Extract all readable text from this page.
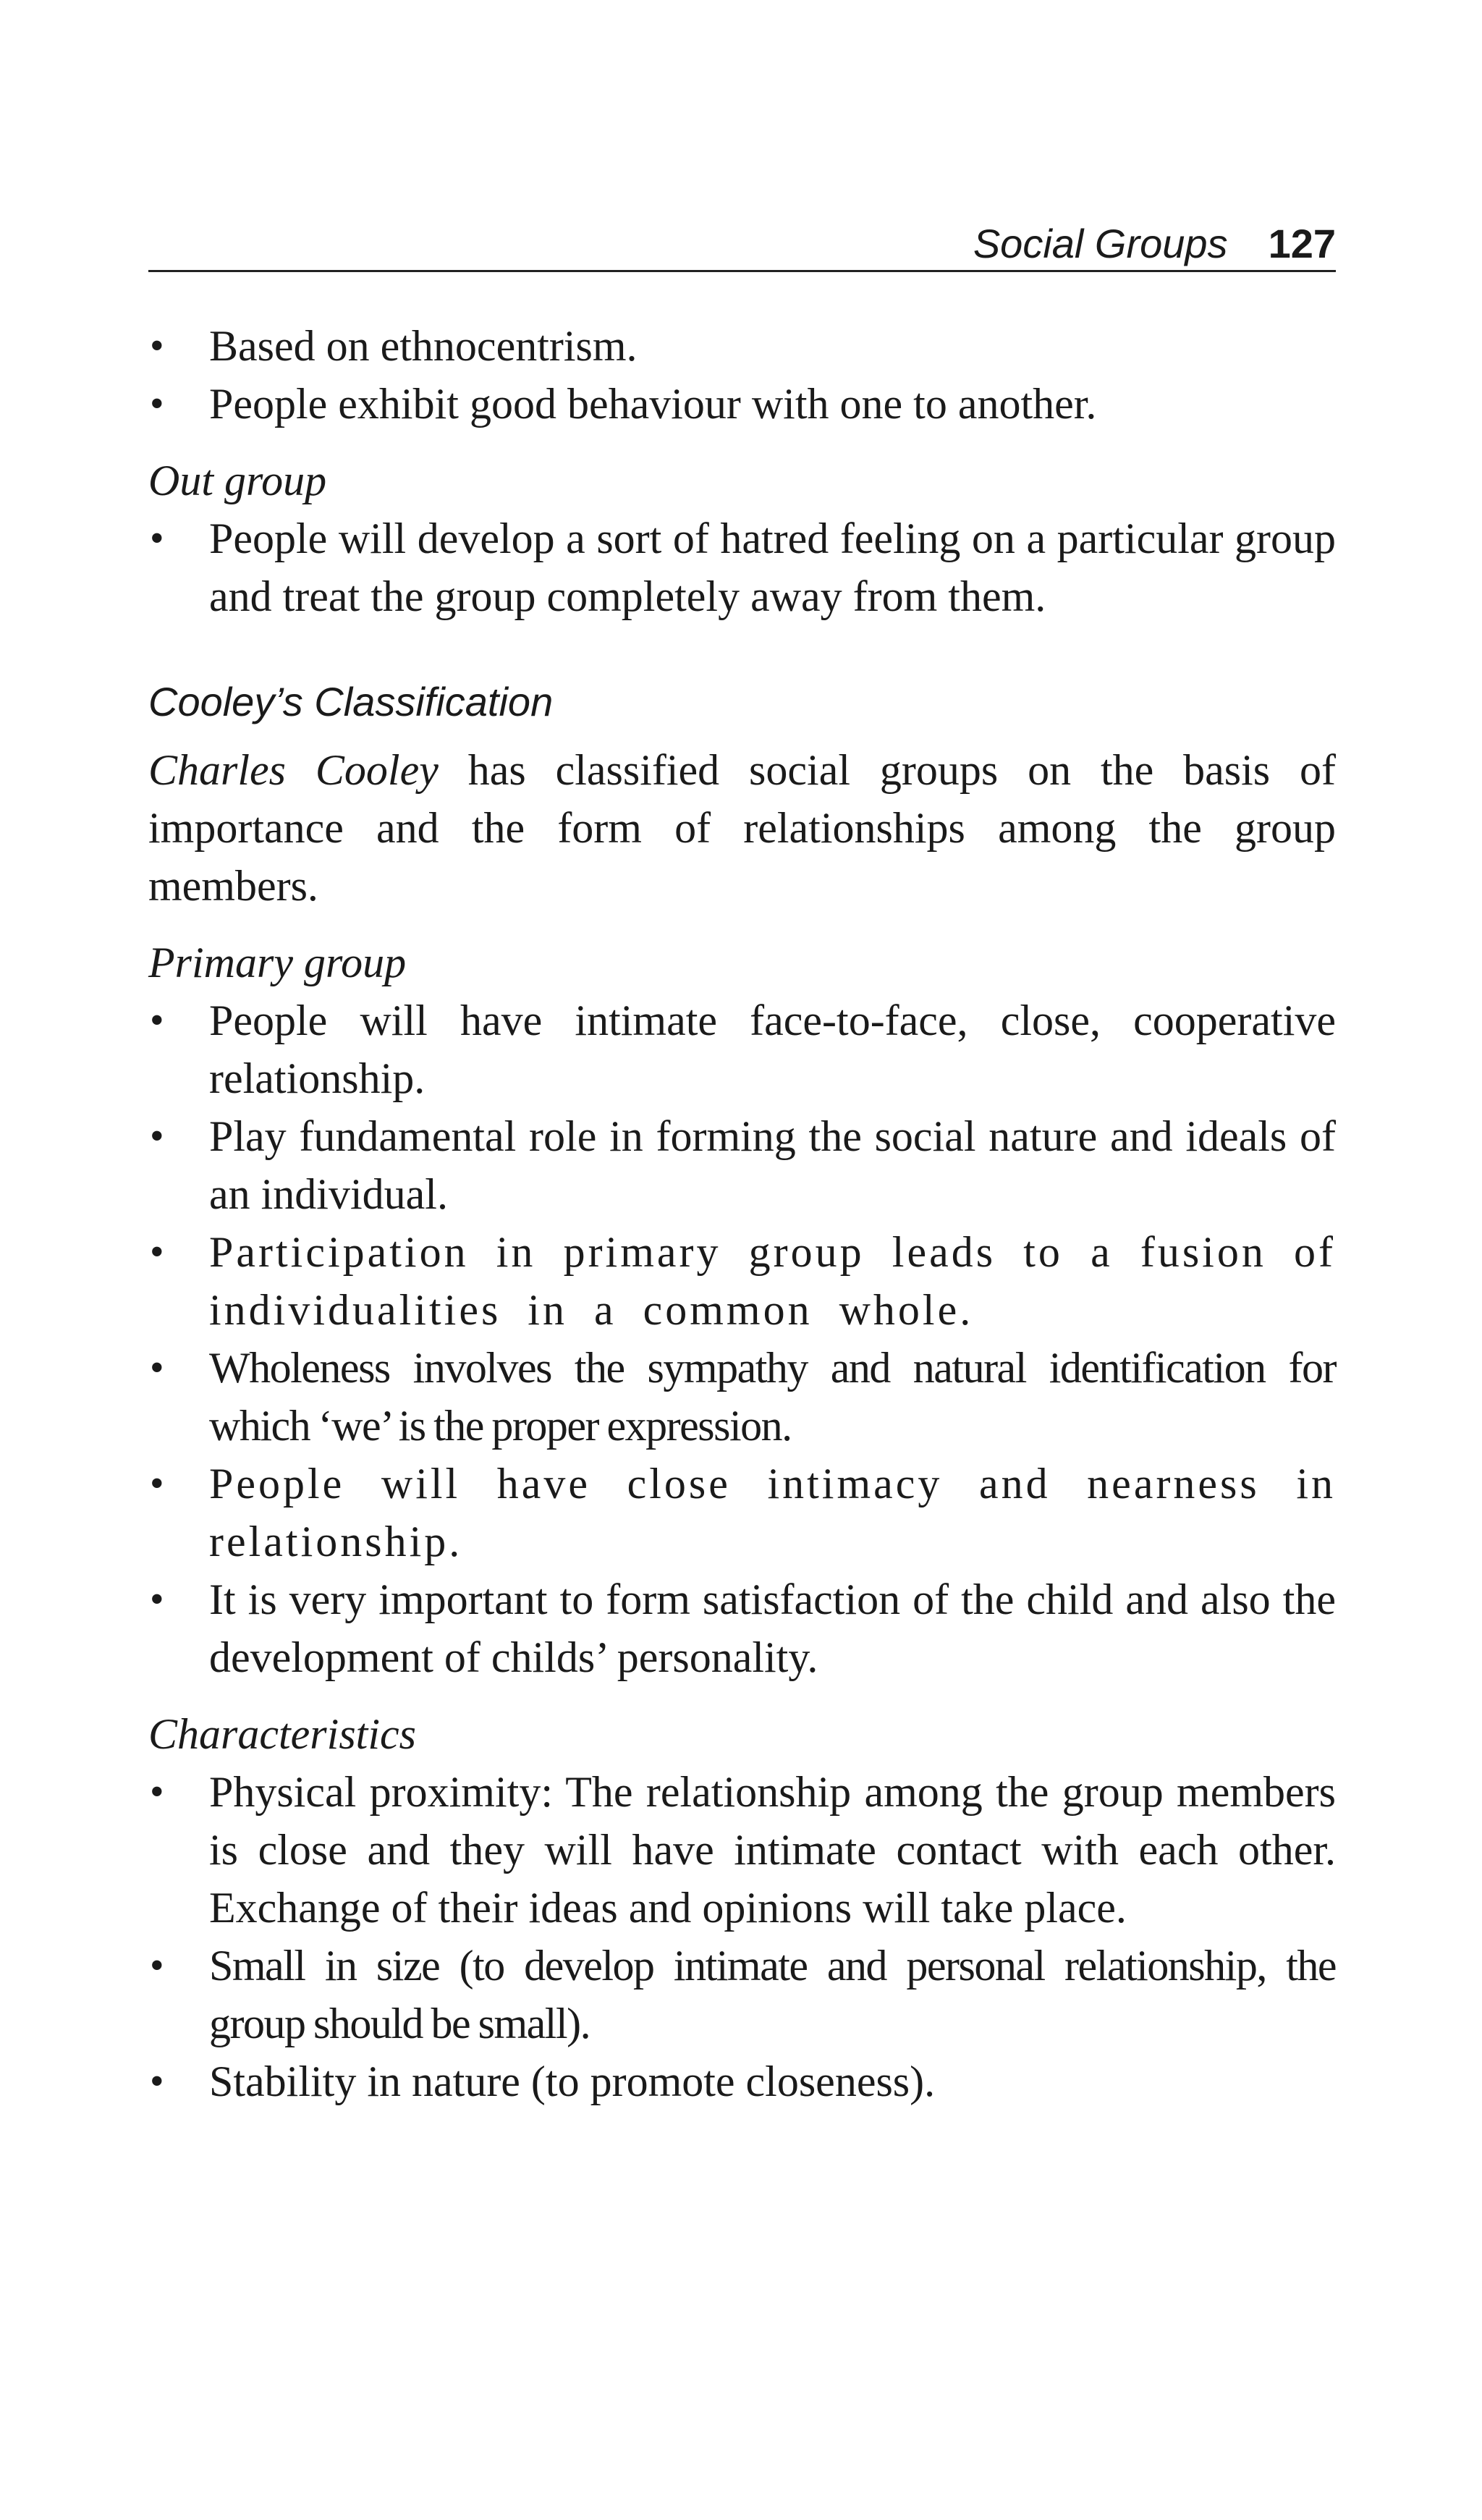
Social Groups 127
• Based on ethnocentrism.
• People exhibit good behaviour with one to another.
Out group
• People will develop a sort of hatred feeling on a particular group and treat the group completely away from them.
Cooley’s Classification
Charles Cooley has classified social groups on the basis of importance and the form of relationships among the group members.
Primary group
• People will have intimate face-to-face, close, cooperative relationship.
• Play fundamental role in forming the social nature and ideals of an individual.
• Participation in primary group leads to a fusion of individualities in a common whole.
• Wholeness involves the sympathy and natural identification for which ‘we’ is the proper expression.
• People will have close intimacy and nearness in relationship.
• It is very important to form satisfaction of the child and also the development of childs’ personality.
Characteristics
• Physical proximity: The relationship among the group members is close and they will have intimate contact with each other. Exchange of their ideas and opinions will take place.
• Small in size (to develop intimate and personal relationship, the group should be small).
• Stability in nature (to promote closeness).
